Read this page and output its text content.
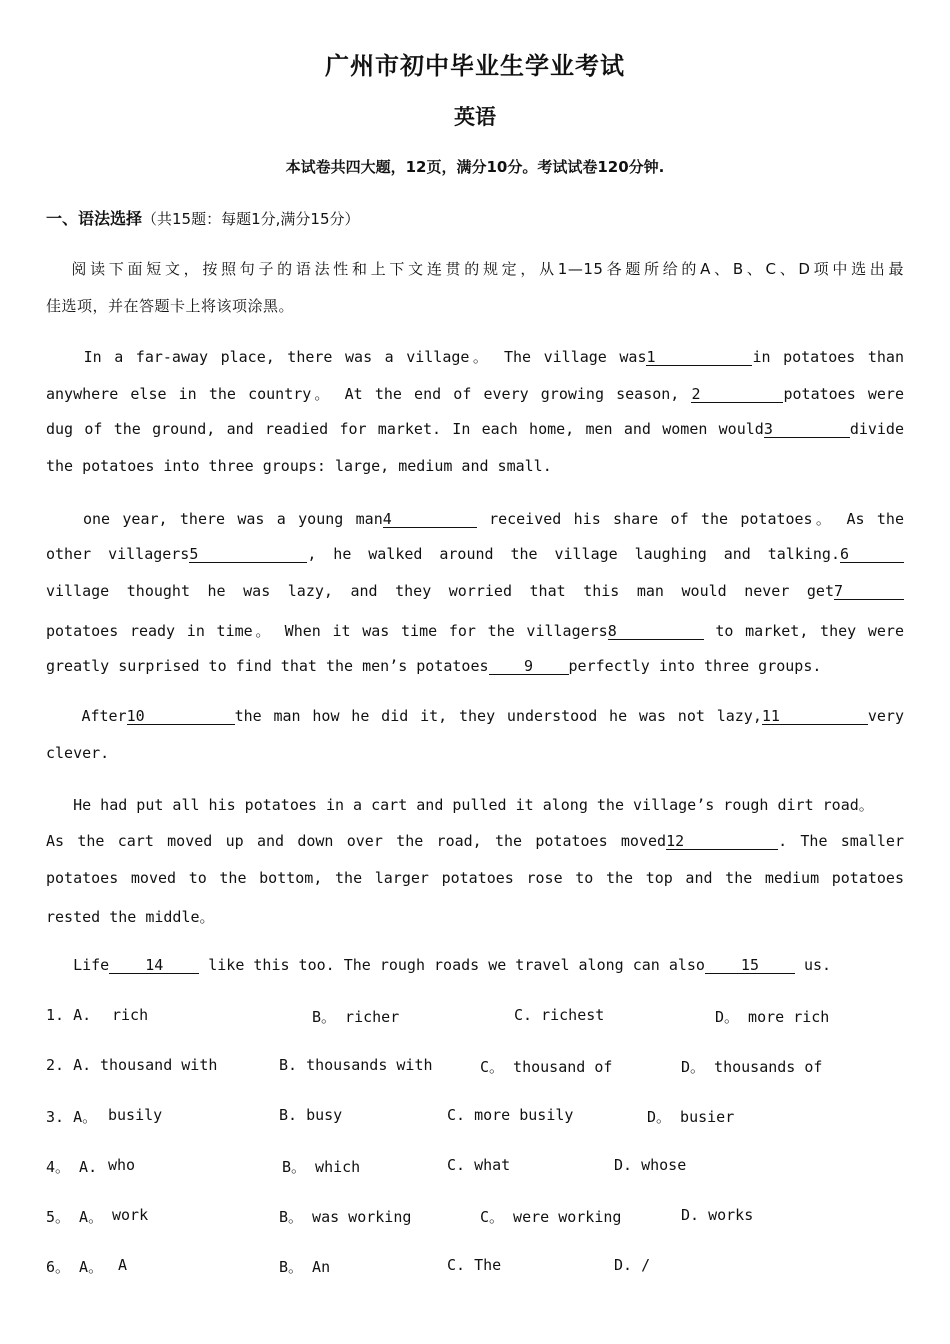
广州市初中毕业生学业考试
英语
本试卷共四大题，12页，满分10分。考试试卷120分钟.
一、语法选择（共15题：每题1分,满分15分）
阅读下面短文，按照句子的语法性和上下文连贯的规定，从1—15各题所给的A、B、C、D项中选出最
佳选项，并在答题卡上将该项涂黑。
In a far-away place, there was a village。 The village was1	in potatoes than
anywhere else in the country。 At the end of every growing season, 2	potatoes were
dug of the ground, and readied for market. In each home, men and women would3	divide
the potatoes into three groups: large, medium and small.
one year, there was a young man4	received his share of the potatoes。 As the
other villagers5	, he walked around the village laughing and talking.6
village thought he was lazy, and they worried that this man would never get7
potatoes ready in time。 When it was time for the villagers8	to market, they were
greatly surprised to find that the men’s potatoes 9 perfectly into three groups.
After10	the man how he did it, they understood he was not lazy,11	very
clever.
He had put all his potatoes in a cart and pulled it along the village’s rough dirt road。
As the cart moved up and down over the road, the potatoes moved12	. The smaller
potatoes moved to the bottom, the larger potatoes rose to the top and the medium potatoes
rested the middle。
Life 14	like this too. The rough roads we travel along can also 15	us.
1. A. rich	B。 richer	C. richest	D。 more rich
2. A. thousand with	B. thousands with	C。 thousand of	D。 thousands of
3. A。 busily	B. busy	C. more busily	D。 busier
4。 A. who	B。 which	C. what	D. whose
5。 A。 work	B。 was working	C。 were working	D. works
6。 A。 A	B。 An	C. The	D. /
